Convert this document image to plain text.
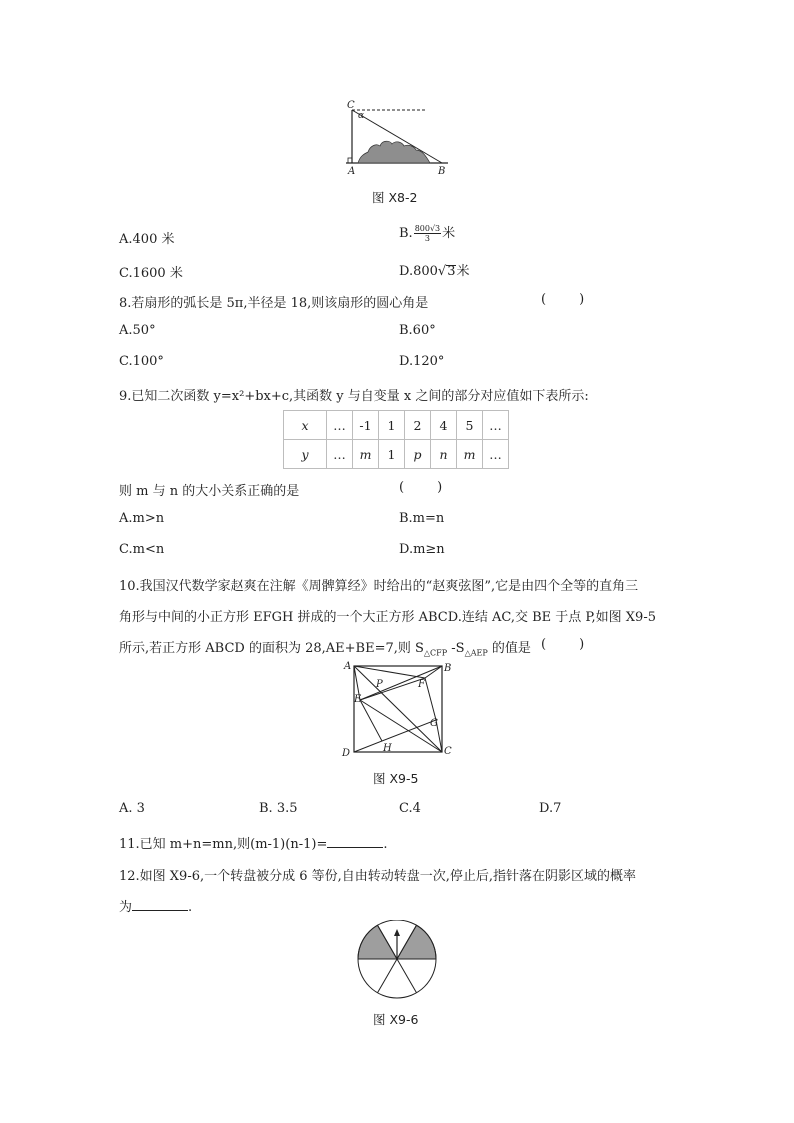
C
α
A	B
图 X8-2
A.400 米	B. $\frac{800√3}{3}$ 米
C.1600 米	D.800√3米
8.若扇形的弧长是 5π,半径是 18,则该扇形的圆心角是	(        )
A.50°	B.60°
C.100°	D.120°
9.已知二次函数 y=x²+bx+c,其函数 y 与自变量 x 之间的部分对应值如下表所示:
x	…	-1	1	2	4	5	…
y	…	m	1	p	n	m	…
则 m 与 n 的大小关系正确的是	(        )
A.m>n	B.m=n
C.m<n	D.m≥n
10.我国汉代数学家赵爽在注解《周髀算经》时给出的“赵爽弦图”,它是由四个全等的直角三
角形与中间的小正方形 EFGH 拼成的一个大正方形 ABCD.连结 AC,交 BE 于点 P,如图 X9-5
所示,若正方形 ABCD 的面积为 28,AE+BE=7,则 $S_{\triangle CFP}$ $-S_{\triangle AEP}$ 的值是 (        )
A	B
C
D
E
F
G
H
P
图 X9-5
A. 3	B. 3.5	C.4	D.7
11.已知 m+n=mn,则(m-1)(n-1)=	.
12.如图 X9-6,一个转盘被分成 6 等份,自由转动转盘一次,停止后,指针落在阴影区域的概率
为	.
图 X9-6
